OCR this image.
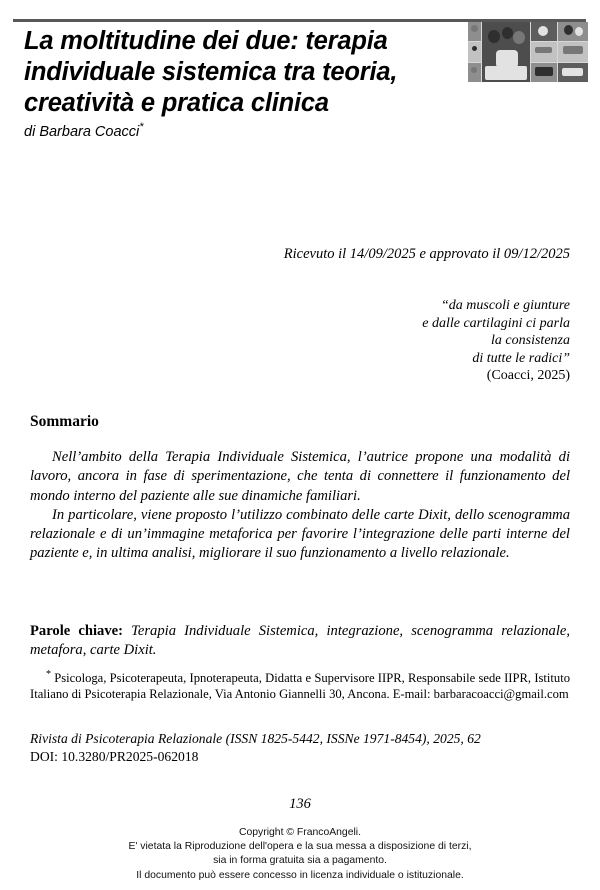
La moltitudine dei due: terapia
individuale sistemica tra teoria,
creatività e pratica clinica

di Barbara Coacci*

Ricevuto il 14/09/2025 e approvato il 09/12/2025
“da muscoli e giunture
e dalle cartilagini ci parla
la consistenza
di tutte le radici”
(Coacci, 2025)
Sommario

Nell’ambito della Terapia Individuale Sistemica, l’autrice propone una modalità di lavoro, ancora in fase di sperimentazione, che tenta di connettere il funzionamento del mondo interno del paziente alle sue dinamiche familiari.

In particolare, viene proposto l’utilizzo combinato delle carte Dixit, dello scenogramma relazionale e di un’immagine metaforica per favorire l’integrazione delle parti interne del paziente e, in ultima analisi, migliorare il suo funzionamento a livello relazionale.

Parole chiave: Terapia Individuale Sistemica, integrazione, scenogramma relazionale, metafora, carte Dixit.
* Psicologa, Psicoterapeuta, Ipnoterapeuta, Didatta e Supervisore IIPR, Responsabile sede IIPR, Istituto Italiano di Psicoterapia Relazionale, Via Antonio Giannelli 30, Ancona. E-mail: barbaracoacci@gmail.com
Rivista di Psicoterapia Relazionale (ISSN 1825-5442, ISSNe 1971-8454), 2025, 62
DOI: 10.3280/PR2025-062018
136
Copyright © FrancoAngeli.
E' vietata la Riproduzione dell'opera e la sua messa a disposizione di terzi,
sia in forma gratuita sia a pagamento.
Il documento può essere concesso in licenza individuale o istituzionale.
